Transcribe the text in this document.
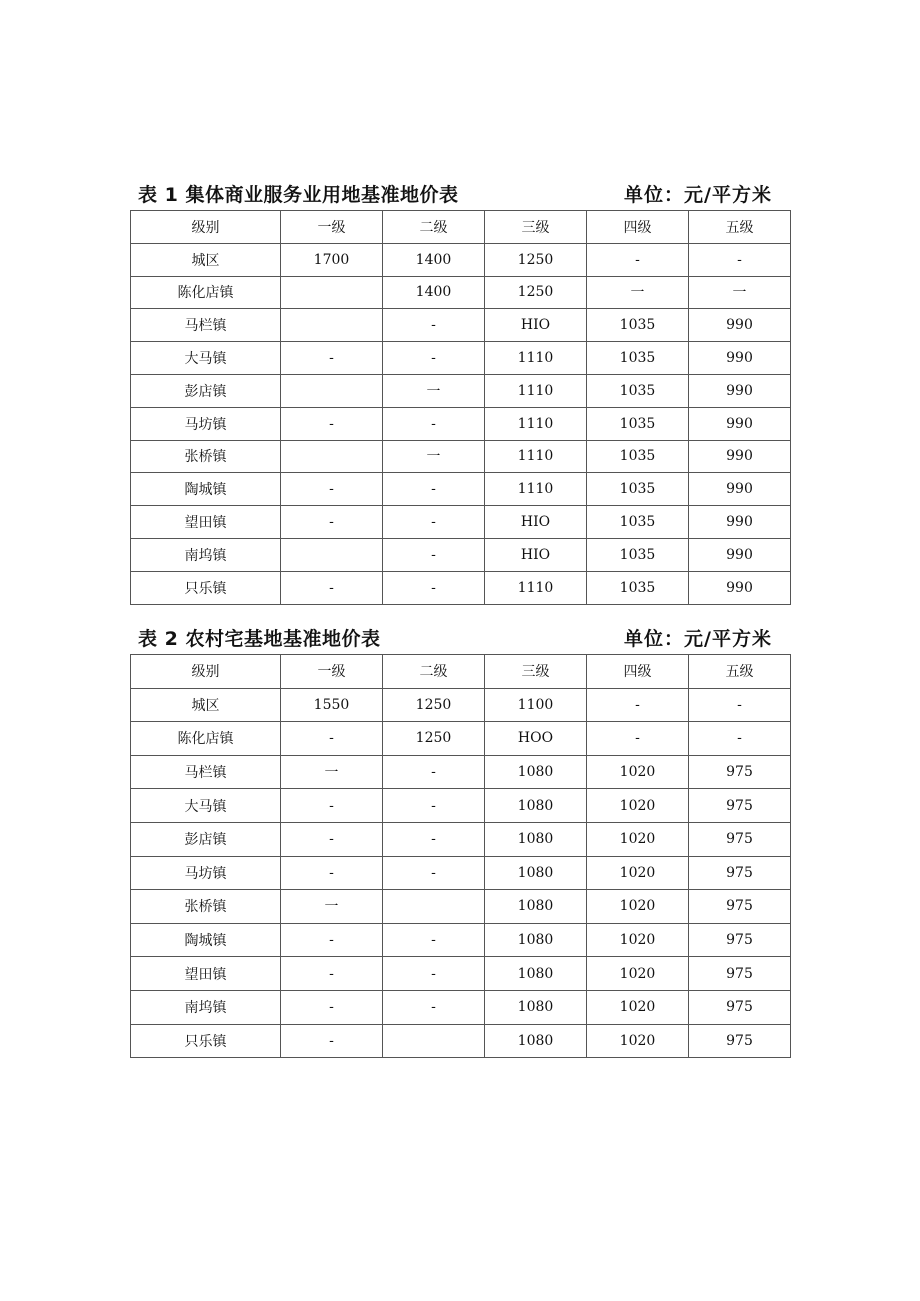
表 1 集体商业服务业用地基准地价表	单位：元/平方米
级别	一级	二级	三级	四级	五级
城区	1700	1400	1250	-	-
陈化店镇		1400	1250	一	一
马栏镇		-	HIO	1035	990
大马镇	-	-	1110	1035	990
彭店镇		一	1110	1035	990
马坊镇	-	-	1110	1035	990
张桥镇		一	1110	1035	990
陶城镇	-	-	1110	1035	990
望田镇	-	-	HIO	1035	990
南坞镇		-	HIO	1035	990
只乐镇	-	-	1110	1035	990
表 2 农村宅基地基准地价表	单位：元/平方米
级别	一级	二级	三级	四级	五级
城区	1550	1250	1100	-	-
陈化店镇	-	1250	HOO	-	-
马栏镇	一	-	1080	1020	975
大马镇	-	-	1080	1020	975
彭店镇	-	-	1080	1020	975
马坊镇	-	-	1080	1020	975
张桥镇	一		1080	1020	975
陶城镇	-	-	1080	1020	975
望田镇	-	-	1080	1020	975
南坞镇	-	-	1080	1020	975
只乐镇	-		1080	1020	975
